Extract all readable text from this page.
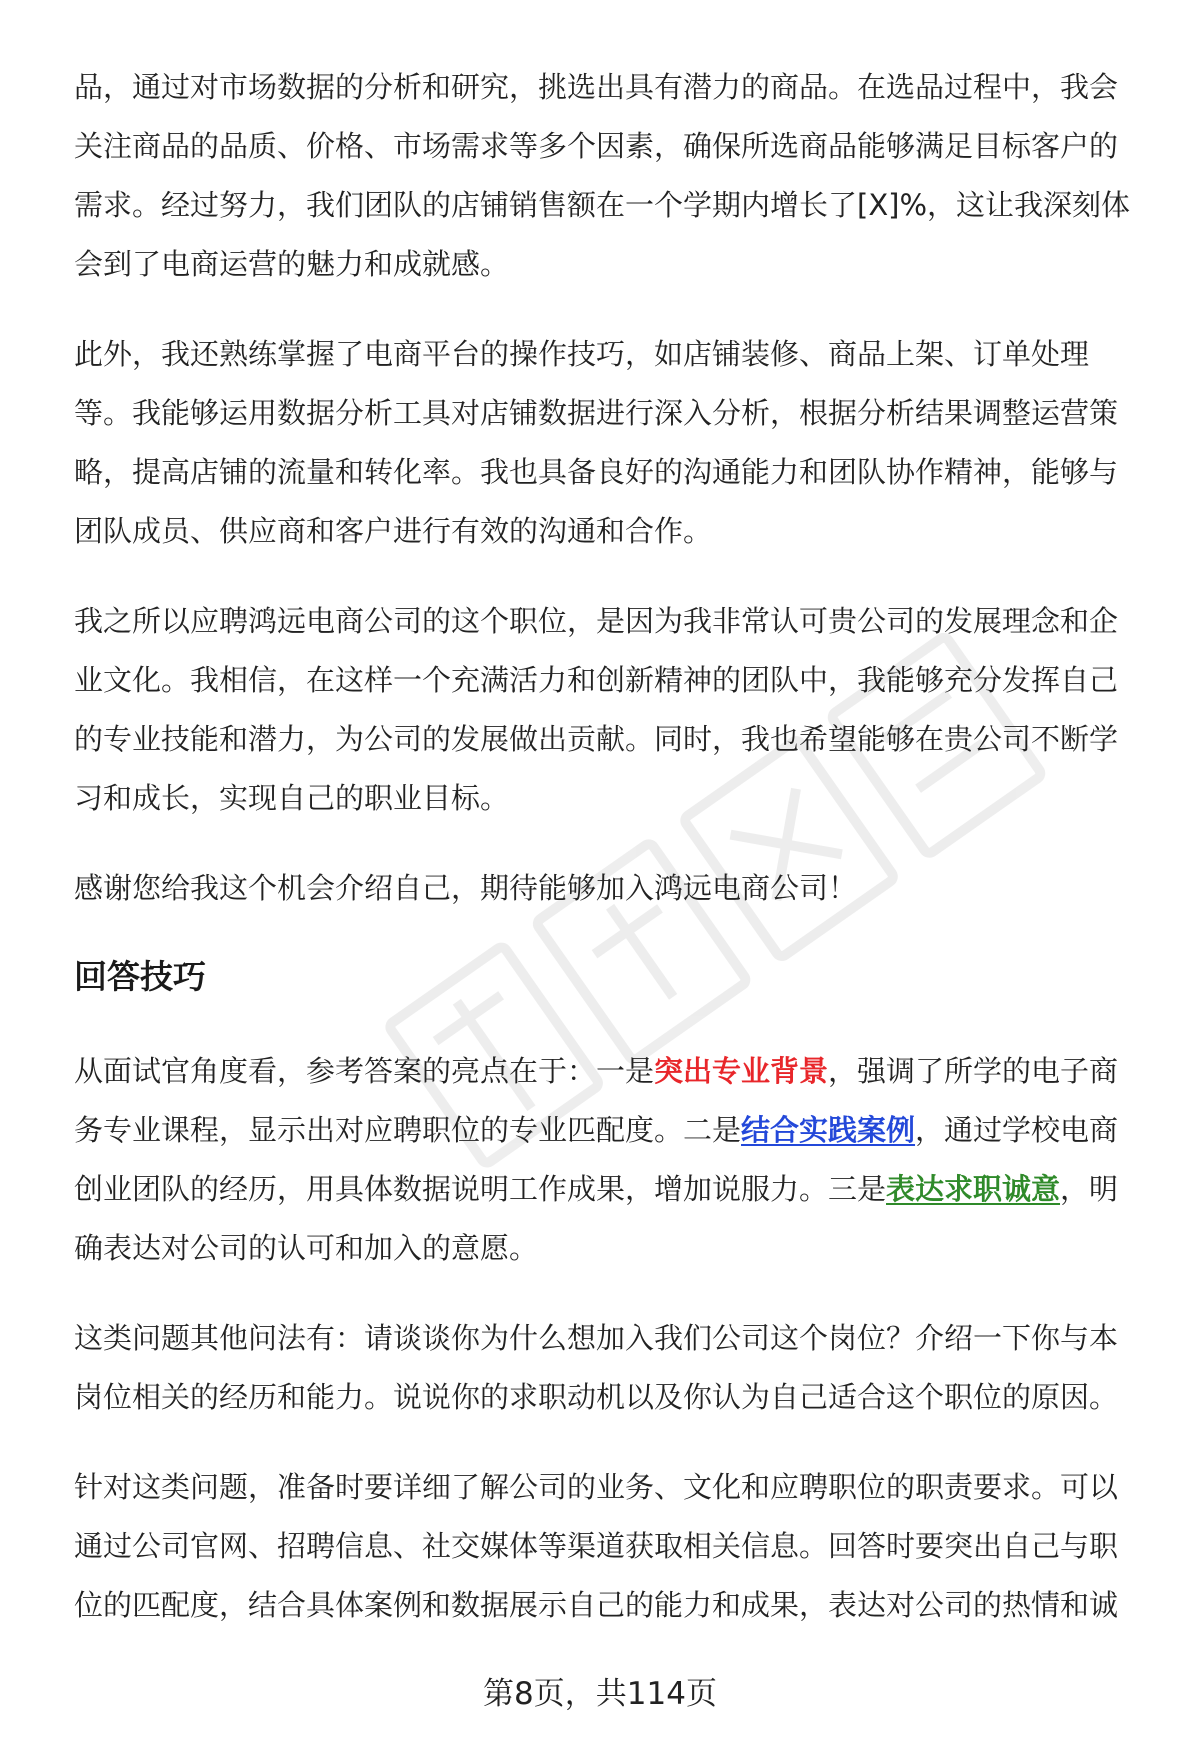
品，通过对市场数据的分析和研究，挑选出具有潜力的商品。在选品过程中，我会
关注商品的品质、价格、市场需求等多个因素，确保所选商品能够满足目标客户的
需求。经过努力，我们团队的店铺销售额在一个学期内增长了[X]%，这让我深刻体
会到了电商运营的魅力和成就感。

此外，我还熟练掌握了电商平台的操作技巧，如店铺装修、商品上架、订单处理
等。我能够运用数据分析工具对店铺数据进行深入分析，根据分析结果调整运营策
略，提高店铺的流量和转化率。我也具备良好的沟通能力和团队协作精神，能够与
团队成员、供应商和客户进行有效的沟通和合作。

我之所以应聘鸿远电商公司的这个职位，是因为我非常认可贵公司的发展理念和企
业文化。我相信，在这样一个充满活力和创新精神的团队中，我能够充分发挥自己
的专业技能和潜力，为公司的发展做出贡献。同时，我也希望能够在贵公司不断学
习和成长，实现自己的职业目标。

感谢您给我这个机会介绍自己，期待能够加入鸿远电商公司！

回答技巧

从面试官角度看，参考答案的亮点在于：一是突出专业背景，强调了所学的电子商
务专业课程，显示出对应聘职位的专业匹配度。二是结合实践案例，通过学校电商
创业团队的经历，用具体数据说明工作成果，增加说服力。三是表达求职诚意，明
确表达对公司的认可和加入的意愿。

这类问题其他问法有：请谈谈你为什么想加入我们公司这个岗位？介绍一下你与本
岗位相关的经历和能力。说说你的求职动机以及你认为自己适合这个职位的原因。

针对这类问题，准备时要详细了解公司的业务、文化和应聘职位的职责要求。可以
通过公司官网、招聘信息、社交媒体等渠道获取相关信息。回答时要突出自己与职
位的匹配度，结合具体案例和数据展示自己的能力和成果，表达对公司的热情和诚

第8页，共114页
